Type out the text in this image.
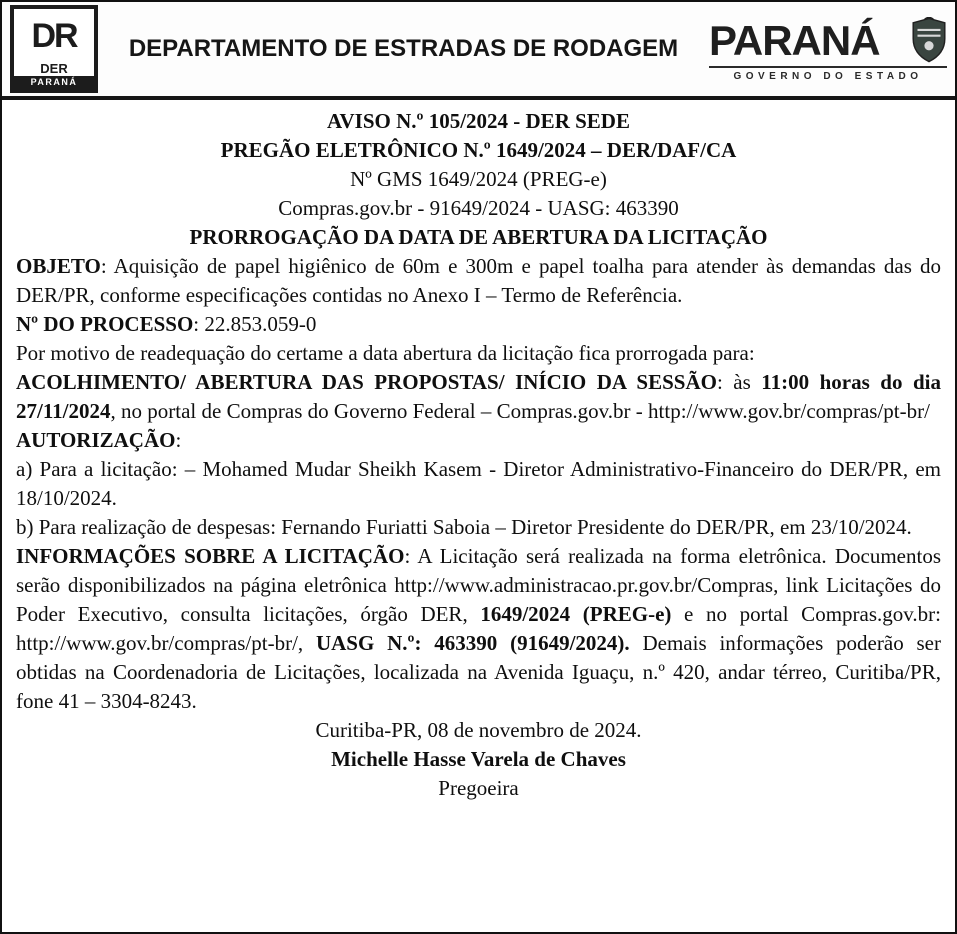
DR
DER
PARANÁ
DEPARTAMENTO DE ESTRADAS DE RODAGEM PARANÁ
GOVERNO DO ESTADO

AVISO N.º 105/2024 - DER SEDE

PREGÃO ELETRÔNICO N.º 1649/2024 – DER/DAF/CA

Nº GMS 1649/2024 (PREG-e)

Compras.gov.br - 91649/2024 - UASG: 463390

PRORROGAÇÃO DA DATA DE ABERTURA DA LICITAÇÃO

OBJETO: Aquisição de papel higiênico de 60m e 300m e papel toalha para atender às demandas das do DER/PR, conforme especificações contidas no Anexo I – Termo de Referência.

Nº DO PROCESSO: 22.853.059-0

Por motivo de readequação do certame a data abertura da licitação fica prorrogada para:

ACOLHIMENTO/ ABERTURA DAS PROPOSTAS/ INÍCIO DA SESSÃO: às 11:00 horas do dia 27/11/2024, no portal de Compras do Governo Federal – Compras.gov.br - http://www.gov.br/compras/pt-br/

AUTORIZAÇÃO:

a) Para a licitação: – Mohamed Mudar Sheikh Kasem - Diretor Administrativo-Financeiro do DER/PR, em 18/10/2024.

b) Para realização de despesas: Fernando Furiatti Saboia – Diretor Presidente do DER/PR, em 23/10/2024.

INFORMAÇÕES SOBRE A LICITAÇÃO: A Licitação será realizada na forma eletrônica. Documentos serão disponibilizados na página eletrônica http://www.administracao.pr.gov.br/Compras, link Licitações do Poder Executivo, consulta licitações, órgão DER, 1649/2024 (PREG-e) e no portal Compras.gov.br: http://www.gov.br/compras/pt-br/, UASG N.º: 463390 (91649/2024). Demais informações poderão ser obtidas na Coordenadoria de Licitações, localizada na Avenida Iguaçu, n.º 420, andar térreo, Curitiba/PR, fone 41 – 3304-8243.

Curitiba-PR, 08 de novembro de 2024.

Michelle Hasse Varela de Chaves

Pregoeira
